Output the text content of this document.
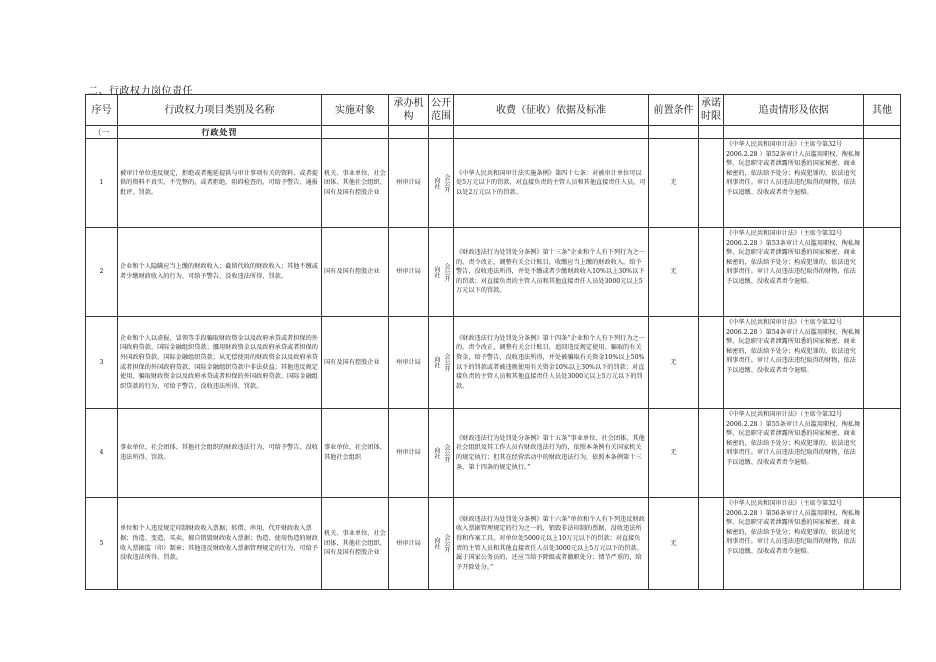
二、行政权力岗位责任
序号	行政权力项目类别及名称	实施对象	承办机构	公开范围	收费（征收）依据及标准	前置条件	承诺时限	追责情形及依据	其他
（一	行政处罚								
1	被审计单位违反规定，拒绝或者拖延提供与审计事项有关的资料，或者提供的资料不真实、不完整的，或者拒绝、阻碍检查的，可给予警告、通报批评、罚款。	机关、事业单位、社会团体、其他社会组织、国有及国有控股企业	州审计局	向社 会公开	《中华人民共和国审计法实施条例》第四十七条：对被审计单位可以处5万元以下的罚款，对直接负责的主管人员和其他直接责任人员，可以处2万元以下的罚款。	无		《中华人民共和国审计法》（主席令第32号2006.2.28 ）第52条审计人员滥用职权、徇私舞弊、玩忽职守或者泄露所知悉的国家秘密、商业秘密的，依法给予处分；构成犯罪的，依法追究刑事责任。审计人员违法违纪取得的财物，依法予以追缴、没收或者责令退赔。	
2	企业和个人隐瞒应当上缴的财政收入；截留代收的财政收入；其他不缴或者少缴财政收入的行为，可给予警告、没收违法所得、罚款。	国有及国有控股企业	州审计局	向社 会公开	《财政违法行为处罚处分条例》第十三条“企业和个人有下列行为之一的，责令改正，调整有关会计账目，收缴应当上缴的财政收入，给予警告，没收违法所得，并处不缴或者少缴财政收入10%以上30%以下的罚款；对直接负责的主管人员和其他直接责任人员处3000元以上5万元以下的罚款。	无		《中华人民共和国审计法》（主席令第32号2006.2.28 ）第53条审计人员滥用职权、徇私舞弊、玩忽职守或者泄露所知悉的国家秘密、商业秘密的，依法给予处分；构成犯罪的，依法追究刑事责任。审计人员违法违纪取得的财物，依法予以追缴、没收或者责令退赔。	
3	企业和个人以虚报、冒领等手段骗取财政资金以及政府承贷或者担保的外国政府贷款、国际金融组织贷款；挪用财政资金以及政府承贷或者担保的外国政府贷款、国际金融组织贷款；从无偿使用的财政资金以及政府承贷或者担保的外国政府贷款、国际金融组织贷款中非法获益；其他违反规定使用、骗取财政资金以及政府承贷或者担保的外国政府贷款、国际金融组织贷款的行为，可给予警告、没收违法所得、罚款。	国有及国有控股企业	州审计局	向社 会公开	《财政违法行为处罚处分条例》第十四条“企业和个人有下列行为之一的，责令改正，调整有关会计账目，追回违反规定使用、骗取的有关资金，给予警告，没收违法所得，并处被骗取有关资金10%以上50%以下的罚款或者被违规使用有关资金10%以上30%以下的罚款；对直接负责的主管人员和其他直接责任人员处3000元以上5万元以下的罚款。	无		《中华人民共和国审计法》（主席令第32号2006.2.28 ）第54条审计人员滥用职权、徇私舞弊、玩忽职守或者泄露所知悉的国家秘密、商业秘密的，依法给予处分；构成犯罪的，依法追究刑事责任。审计人员违法违纪取得的财物，依法予以追缴、没收或者责令退赔。	
4	事业单位、社会团体、其他社会组织的财政违法行为，可给予警告、没收违法所得、罚款。	事业单位、社会团体、其他社会组织	州审计局	向社 会公开	《财政违法行为处罚处分条例》第十五条“事业单位、社会团体、其他社会组织及其工作人员有财政违法行为的，依照本条例有关国家机关的规定执行；但其在经营活动中的财政违法行为，依照本条例第十三条、第十四条的规定执行。”	无		《中华人民共和国审计法》（主席令第32号2006.2.28 ）第55条审计人员滥用职权、徇私舞弊、玩忽职守或者泄露所知悉的国家秘密、商业秘密的，依法给予处分；构成犯罪的，依法追究刑事责任。审计人员违法违纪取得的财物，依法予以追缴、没收或者责令退赔。	
5	单位和个人违反规定印制财政收入票据；转借、串用、代开财政收入票据；伪造、变造、买卖、擅自销毁财政收入票据；伪造、使用伪造的财政收入票据监（印）制章；其他违反财政收入票据管理规定的行为，可给予没收违法所得、罚款。	机关、事业单位、社会团体、其他社会组织、国有及国有控股企业	州审计局	向社 会公开	《财政违法行为处罚处分条例》第十六条“单位和个人有下列违反财政收入票据管理规定的行为之一的，销毁非法印制的票据，没收违法所得和作案工具。对单位处5000元以上10万元以下的罚款；对直接负责的主管人员和其他直接责任人员处3000元以上5万元以下的罚款。属于国家公务员的，还应当给予降级或者撤职处分；情节严重的，给予开除处分。”	无		《中华人民共和国审计法》（主席令第32号2006.2.28 ）第56条审计人员滥用职权、徇私舞弊、玩忽职守或者泄露所知悉的国家秘密、商业秘密的，依法给予处分；构成犯罪的，依法追究刑事责任。审计人员违法违纪取得的财物，依法予以追缴、没收或者责令退赔。	
